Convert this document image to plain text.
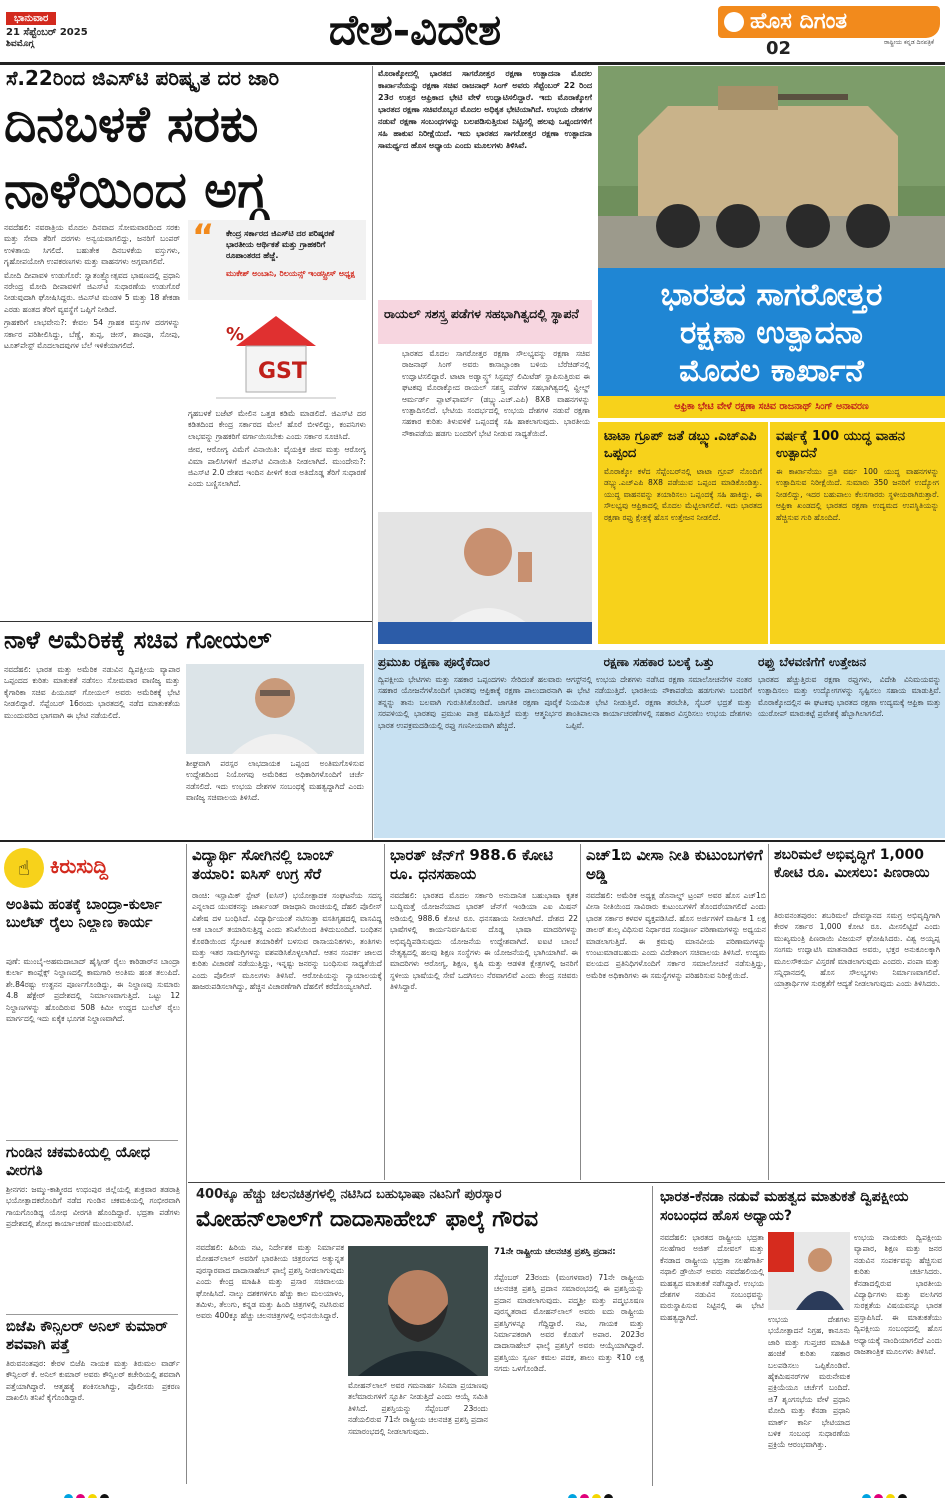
ಭಾನುವಾರ
21 ಸೆಪ್ಟೆಂಬರ್ 2025
ಶಿವಮೊಗ್ಗ	ದೇಶ-ವಿದೇಶ	ಹೊಸ ದಿಗಂತ
ರಾಷ್ಟ್ರೀಯ ಕನ್ನಡ ದಿನಪತ್ರಿಕೆ
02
ಸೆ.22ರಿಂದ ಜಿಎಸ್‌ಟಿ ಪರಿಷ್ಕೃತ ದರ ಜಾರಿ
ದಿನಬಳಕೆ ಸರಕು
ನಾಳೆಯಿಂದ ಅಗ್ಗ

ನವದೆಹಲಿ: ನವರಾತ್ರಿಯ ಮೊದಲ ದಿನವಾದ ಸೋಮವಾರದಿಂದ ಸರಕು ಮತ್ತು ಸೇವಾ ತೆರಿಗೆ ದರಗಳು ಅನ್ವಯವಾಗಲಿದ್ದು, ಜನರಿಗೆ ಬಂಪರ್ ಉಳಿತಾಯ ಸಿಗಲಿದೆ. ಬಹುತೇಕ ದಿನಬಳಕೆಯ ವಸ್ತುಗಳು, ಗೃಹೋಪಯೋಗಿ ಉಪಕರಣಗಳು ಮತ್ತು ವಾಹನಗಳು ಅಗ್ಗವಾಗಲಿವೆ.

ಮೋದಿ ದೀಪಾವಳಿ ಉಡುಗೊರೆ: ಸ್ವಾತಂತ್ರ್ಯೋತ್ಸವದ ಭಾಷಣದಲ್ಲಿ ಪ್ರಧಾನಿ ನರೇಂದ್ರ ಮೋದಿ ದೀಪಾವಳಿಗೆ ಜಿಎಸ್‌ಟಿ ಸುಧಾರಣೆಯ ಉಡುಗೊರೆ ನೀಡುವುದಾಗಿ ಘೋಷಿಸಿದ್ದರು. ಜಿಎಸ್‌ಟಿ ಮಂಡಳಿ 5 ಮತ್ತು 18 ಶೇಕಡಾ ಎರಡು ಹಂತದ ತೆರಿಗೆ ವ್ಯವಸ್ಥೆಗೆ ಒಪ್ಪಿಗೆ ನೀಡಿದೆ.

ಗ್ರಾಹಕರಿಗೆ ಲಾಭವೇನು?: ಕೇವಲ 54 ಗ್ರಾಹಕ ವಸ್ತುಗಳ ದರಗಳನ್ನು ಸರ್ಕಾರ ಪರಿಶೀಲಿಸಿದ್ದು, ಬೆಣ್ಣೆ, ತುಪ್ಪ, ಚೀಸ್, ಶಾಂಪೂ, ಸೋಪು, ಟೂತ್‌ಪೇಸ್ಟ್ ಮೊದಲಾದವುಗಳ ಬೆಲೆ ಇಳಿಕೆಯಾಗಲಿದೆ.

“ ಕೇಂದ್ರ ಸರ್ಕಾರದ ಜಿಎಸ್‌ಟಿ ದರ ಪರಿಷ್ಕರಣೆ ಭಾರತೀಯ ಆರ್ಥಿಕತೆ ಮತ್ತು ಗ್ರಾಹಕರಿಗೆ ರೂಪಾಂತರದ ಹೆಜ್ಜೆ.
ಮುಕೇಶ್ ಅಂಬಾನಿ, ರಿಲಯನ್ಸ್ ಇಂಡಸ್ಟ್ರೀಸ್ ಅಧ್ಯಕ್ಷ
GST
%

ಗೃಹಬಳಕೆ ಬಜೆಟ್ ಮೇಲಿನ ಒತ್ತಡ ಕಡಿಮೆ ಮಾಡಲಿದೆ. ಜಿಎಸ್‌ಟಿ ದರ ಕಡಿತದಿಂದ ಕೇಂದ್ರ ಸರ್ಕಾರದ ಮೇಲೆ ಹೊರೆ ಬೀಳಲಿದ್ದು, ಕಂಪನಿಗಳು ಲಾಭವನ್ನು ಗ್ರಾಹಕರಿಗೆ ವರ್ಗಾಯಿಸಬೇಕು ಎಂದು ಸರ್ಕಾರ ಸೂಚಿಸಿದೆ.

ಜೀವ, ಆರೋಗ್ಯ ವಿಮೆಗೆ ವಿನಾಯಿತಿ: ವೈಯಕ್ತಿಕ ಜೀವ ಮತ್ತು ಆರೋಗ್ಯ ವಿಮಾ ಪಾಲಿಸಿಗಳಿಗೆ ಜಿಎಸ್‌ಟಿ ವಿನಾಯಿತಿ ನೀಡಲಾಗಿದೆ. ಮುಂದೇನು?: ಜಿಎಸ್‌ಟಿ 2.0 ದೇಶದ ಇಂದಿನ ಪೀಳಿಗೆ ಕಂಡ ಅತಿದೊಡ್ಡ ತೆರಿಗೆ ಸುಧಾರಣೆ ಎಂದು ಬಣ್ಣಿಸಲಾಗಿದೆ.

ನಾಳೆ ಅಮೆರಿಕಕ್ಕೆ ಸಚಿವ ಗೋಯಲ್

ನವದೆಹಲಿ: ಭಾರತ ಮತ್ತು ಅಮೆರಿಕ ನಡುವಿನ ದ್ವಿಪಕ್ಷೀಯ ವ್ಯಾಪಾರ ಒಪ್ಪಂದದ ಕುರಿತು ಮಾತುಕತೆ ನಡೆಸಲು ಸೋಮವಾರ ವಾಣಿಜ್ಯ ಮತ್ತು ಕೈಗಾರಿಕಾ ಸಚಿವ ಪಿಯೂಷ್ ಗೋಯಲ್ ಅವರು ಅಮೆರಿಕಕ್ಕೆ ಭೇಟಿ ನೀಡಲಿದ್ದಾರೆ. ಸೆಪ್ಟೆಂಬರ್ 16ರಂದು ಭಾರತದಲ್ಲಿ ನಡೆದ ಮಾತುಕತೆಯ ಮುಂದುವರಿದ ಭಾಗವಾಗಿ ಈ ಭೇಟಿ ನಡೆಯಲಿದೆ.

ಶೀಘ್ರವಾಗಿ ಪರಸ್ಪರ ಲಾಭದಾಯಕ ಒಪ್ಪಂದ ಅಂತಿಮಗೊಳಿಸುವ ಉದ್ದೇಶದಿಂದ ನಿಯೋಗವು ಅಮೆರಿಕದ ಅಧಿಕಾರಿಗಳೊಂದಿಗೆ ಚರ್ಚೆ ನಡೆಸಲಿದೆ. ಇದು ಉಭಯ ದೇಶಗಳ ಸಂಬಂಧಕ್ಕೆ ಮಹತ್ವದ್ದಾಗಿದೆ ಎಂದು ವಾಣಿಜ್ಯ ಸಚಿವಾಲಯ ತಿಳಿಸಿದೆ.

ಮೊರಾಕ್ಕೋದಲ್ಲಿ ಭಾರತದ ಸಾಗರೋತ್ತರ ರಕ್ಷಣಾ ಉತ್ಪಾದನಾ ಮೊದಲ ಕಾರ್ಖಾನೆಯನ್ನು ರಕ್ಷಣಾ ಸಚಿವ ರಾಜನಾಥ್ ಸಿಂಗ್ ಅವರು ಸೆಪ್ಟೆಂಬರ್ 22 ರಿಂದ 23ರ ಉತ್ತರ ಆಫ್ರಿಕಾದ ಭೇಟಿ ವೇಳೆ ಉದ್ಘಾಟಿಸಲಿದ್ದಾರೆ. ಇದು ಮೊರಾಕ್ಕೋಗೆ ಭಾರತದ ರಕ್ಷಣಾ ಸಚಿವರೊಬ್ಬರ ಮೊದಲ ಅಧಿಕೃತ ಭೇಟಿಯಾಗಿದೆ. ಉಭಯ ದೇಶಗಳ ನಡುವೆ ರಕ್ಷಣಾ ಸಂಬಂಧಗಳನ್ನು ಬಲಪಡಿಸುತ್ತಿರುವ ನಿಟ್ಟಿನಲ್ಲಿ ಹಲವು ಒಪ್ಪಂದಗಳಿಗೆ ಸಹಿ ಹಾಕುವ ನಿರೀಕ್ಷೆಯಿದೆ. ಇದು ಭಾರತದ ಸಾಗರೋತ್ತರ ರಕ್ಷಣಾ ಉತ್ಪಾದನಾ ಸಾಮರ್ಥ್ಯದ ಹೊಸ ಅಧ್ಯಾಯ ಎಂದು ಮೂಲಗಳು ತಿಳಿಸಿವೆ.

ಭಾರತದ ಸಾಗರೋತ್ತರ
ರಕ್ಷಣಾ ಉತ್ಪಾದನಾ
ಮೊದಲ ಕಾರ್ಖಾನೆ
ಆಫ್ರಿಕಾ ಭೇಟಿ ವೇಳೆ ರಕ್ಷಣಾ ಸಚಿವ ರಾಜನಾಥ್ ಸಿಂಗ್ ಅನಾವರಣ
ರಾಯಲ್ ಸಶಸ್ತ್ರ ಪಡೆಗಳ ಸಹಭಾಗಿತ್ವದಲ್ಲಿ ಸ್ಥಾಪನೆ

ಭಾರತದ ಮೊದಲ ಸಾಗರೋತ್ತರ ರಕ್ಷಣಾ ಸೌಲಭ್ಯವನ್ನು ರಕ್ಷಣಾ ಸಚಿವ ರಾಜನಾಥ್ ಸಿಂಗ್ ಅವರು ಕಾಸಾಬ್ಲಾಂಕಾ ಬಳಿಯ ಬೆರೆಚಿಡ್‌ನಲ್ಲಿ ಉದ್ಘಾಟಿಸಲಿದ್ದಾರೆ. ಟಾಟಾ ಅಡ್ವಾನ್ಸ್ಡ್ ಸಿಸ್ಟಮ್ಸ್ ಲಿಮಿಟೆಡ್ ಸ್ಥಾಪಿಸುತ್ತಿರುವ ಈ ಘಟಕವು ಮೊರಾಕ್ಕೋದ ರಾಯಲ್ ಸಶಸ್ತ್ರ ಪಡೆಗಳ ಸಹಭಾಗಿತ್ವದಲ್ಲಿ ವ್ಹೀಲ್ಡ್ ಆರ್ಮರ್ಡ್ ಪ್ಲಾಟ್‌ಫಾರ್ಮ್ (ಡಬ್ಲ್ಯು.ಎಚ್.ಎಪಿ) 8X8 ವಾಹನಗಳನ್ನು ಉತ್ಪಾದಿಸಲಿದೆ. ಭೇಟಿಯ ಸಂದರ್ಭದಲ್ಲಿ ಉಭಯ ದೇಶಗಳ ನಡುವೆ ರಕ್ಷಣಾ ಸಹಕಾರ ಕುರಿತು ತಿಳುವಳಿಕೆ ಒಪ್ಪಂದಕ್ಕೆ ಸಹಿ ಹಾಕಲಾಗುವುದು. ಭಾರತೀಯ ನೌಕಾಪಡೆಯ ಹಡಗು ಬಂದರಿಗೆ ಭೇಟಿ ನೀಡುವ ಸಾಧ್ಯತೆಯಿದೆ.	ಟಾಟಾ ಗ್ರೂಪ್ ಜತೆ ಡಬ್ಲ್ಯು.ಎಚ್‌ಎಪಿ ಒಪ್ಪಂದ
ಮೊರಾಕ್ಕೋ ಕಳೆದ ಸೆಪ್ಟೆಂಬರ್‌ನಲ್ಲಿ ಟಾಟಾ ಗ್ರೂಪ್ ನೊಂದಿಗೆ ಡಬ್ಲ್ಯು.ಎಚ್‌ಎಪಿ 8X8 ಪಡೆಯುವ ಒಪ್ಪಂದ ಮಾಡಿಕೊಂಡಿತ್ತು. ಯುದ್ಧ ವಾಹನವನ್ನು ತಯಾರಿಸಲು ಒಪ್ಪಂದಕ್ಕೆ ಸಹಿ ಹಾಕಿದ್ದು, ಈ ಸೌಲಭ್ಯವು ಆಫ್ರಿಕಾದಲ್ಲಿ ಮೊದಲ ಮೆಟ್ಟಿಲಾಗಲಿದೆ. ಇದು ಭಾರತದ ರಕ್ಷಣಾ ರಫ್ತು ಕ್ಷೇತ್ರಕ್ಕೆ ಹೊಸ ಉತ್ತೇಜನ ನೀಡಲಿದೆ.
ವರ್ಷಕ್ಕೆ 100 ಯುದ್ಧ ವಾಹನ ಉತ್ಪಾದನೆ
ಈ ಕಾರ್ಖಾನೆಯು ಪ್ರತಿ ವರ್ಷ 100 ಯುದ್ಧ ವಾಹನಗಳನ್ನು ಉತ್ಪಾದಿಸುವ ನಿರೀಕ್ಷೆಯಿದೆ. ಸುಮಾರು 350 ಜನರಿಗೆ ಉದ್ಯೋಗ ನೀಡಲಿದ್ದು, ಇದರ ಬಹುಪಾಲು ಕೆಲಸಗಾರರು ಸ್ಥಳೀಯರಾಗಿರುತ್ತಾರೆ. ಆಫ್ರಿಕಾ ಖಂಡದಲ್ಲಿ ಭಾರತದ ರಕ್ಷಣಾ ಉದ್ಯಮದ ಉಪಸ್ಥಿತಿಯನ್ನು ಹೆಚ್ಚಿಸುವ ಗುರಿ ಹೊಂದಿದೆ.
ಪ್ರಮುಖ ರಕ್ಷಣಾ ಪೂರೈಕೆದಾರ
ದ್ವಿಪಕ್ಷೀಯ ಭೇಟಿಗಳು ಮತ್ತು ಸಹಕಾರ ಒಪ್ಪಂದಗಳು ಸೇರಿದಂತೆ ಹಲವಾರು ಸಹಕಾರ ಯೋಜನೆಗಳೊಂದಿಗೆ ಭಾರತವು ಆಫ್ರಿಕಾಕ್ಕೆ ರಕ್ಷಣಾ ಪಾಲುದಾರನಾಗಿ ತನ್ನನ್ನು ತಾನು ಬಲವಾಗಿ ಗುರುತಿಸಿಕೊಂಡಿದೆ. ಜಾಗತಿಕ ರಕ್ಷಣಾ ಪೂರೈಕೆ ಸರಪಳಿಯಲ್ಲಿ ಭಾರತವು ಪ್ರಮುಖ ಪಾತ್ರ ವಹಿಸುತ್ತಿದೆ ಮತ್ತು ಆತ್ಮನಿರ್ಭರ ಭಾರತ ಉಪಕ್ರಮದಡಿಯಲ್ಲಿ ರಫ್ತು ಗಣನೀಯವಾಗಿ ಹೆಚ್ಚಿದೆ.
ರಕ್ಷಣಾ ಸಹಕಾರ ಬಲಕ್ಕೆ ಒತ್ತು
ಆಗಸ್ಟ್‌ನಲ್ಲಿ ಉಭಯ ದೇಶಗಳು ನಡೆಸಿದ ರಕ್ಷಣಾ ಸಮಾಲೋಚನೆಗಳ ನಂತರ ಈ ಭೇಟಿ ನಡೆಯುತ್ತಿದೆ. ಭಾರತೀಯ ನೌಕಾಪಡೆಯ ಹಡಗುಗಳು ಬಂದರಿಗೆ ನಿಯಮಿತ ಭೇಟಿ ನೀಡುತ್ತಿವೆ. ರಕ್ಷಣಾ ತರಬೇತಿ, ಸೈಬರ್ ಭದ್ರತೆ ಮತ್ತು ಶಾಂತಿಪಾಲನಾ ಕಾರ್ಯಾಚರಣೆಗಳಲ್ಲಿ ಸಹಕಾರ ವಿಸ್ತರಿಸಲು ಉಭಯ ದೇಶಗಳು ಒಪ್ಪಿವೆ.
ರಫ್ತು ಬೆಳವಣಿಗೆಗೆ ಉತ್ತೇಜನ
ಭಾರತದ ಹೆಚ್ಚುತ್ತಿರುವ ರಕ್ಷಣಾ ರಫ್ತುಗಳು, ವಿದೇಶಿ ವಿನಿಮಯವನ್ನು ಉತ್ಪಾದಿಸಲು ಮತ್ತು ಉದ್ಯೋಗಗಳನ್ನು ಸೃಷ್ಟಿಸಲು ಸಹಾಯ ಮಾಡುತ್ತಿವೆ. ಮೊರಾಕ್ಕೋದಲ್ಲಿನ ಈ ಘಟಕವು ಭಾರತದ ರಕ್ಷಣಾ ಉದ್ಯಮಕ್ಕೆ ಆಫ್ರಿಕಾ ಮತ್ತು ಯುರೋಪ್ ಮಾರುಕಟ್ಟೆ ಪ್ರವೇಶಕ್ಕೆ ಹೆಬ್ಬಾಗಿಲಾಗಲಿದೆ.
☝ ಕಿರುಸುದ್ದಿ
ಅಂತಿಮ ಹಂತಕ್ಕೆ ಬಾಂದ್ರಾ-ಕುರ್ಲಾ ಬುಲೆಟ್ ರೈಲು ನಿಲ್ದಾಣ ಕಾರ್ಯ
ಪುಣೆ: ಮುಂಬೈ-ಅಹಮದಾಬಾದ್ ಹೈಸ್ಪೀಡ್ ರೈಲು ಕಾರಿಡಾರ್‌ನ ಬಾಂದ್ರಾ ಕುರ್ಲಾ ಕಾಂಪ್ಲೆಕ್ಸ್ ನಿಲ್ದಾಣದಲ್ಲಿ ಕಾಮಗಾರಿ ಅಂತಿಮ ಹಂತ ತಲುಪಿದೆ. ಶೇ.84ರಷ್ಟು ಉತ್ಖನನ ಪೂರ್ಣಗೊಂಡಿದ್ದು, ಈ ನಿಲ್ದಾಣವು ಸುಮಾರು 4.8 ಹೆಕ್ಟೇರ್ ಪ್ರದೇಶದಲ್ಲಿ ನಿರ್ಮಾಣವಾಗುತ್ತಿದೆ. ಒಟ್ಟು 12 ನಿಲ್ದಾಣಗಳನ್ನು ಹೊಂದಿರುವ 508 ಕಿಮೀ ಉದ್ದದ ಬುಲೆಟ್ ರೈಲು ಮಾರ್ಗದಲ್ಲಿ ಇದು ಏಕೈಕ ಭೂಗತ ನಿಲ್ದಾಣವಾಗಿದೆ.
ಗುಂಡಿನ ಚಕಮಕಿಯಲ್ಲಿ ಯೋಧ ವೀರಗತಿ
ಶ್ರೀನಗರ: ಜಮ್ಮು-ಕಾಶ್ಮೀರದ ಉಧಂಪುರ ಜಿಲ್ಲೆಯಲ್ಲಿ ಶುಕ್ರವಾರ ತಡರಾತ್ರಿ ಭಯೋತ್ಪಾದಕರೊಂದಿಗೆ ನಡೆದ ಗುಂಡಿನ ಚಕಮಕಿಯಲ್ಲಿ ಗಂಭೀರವಾಗಿ ಗಾಯಗೊಂಡಿದ್ದ ಯೋಧ ವೀರಗತಿ ಹೊಂದಿದ್ದಾರೆ. ಭದ್ರತಾ ಪಡೆಗಳು ಪ್ರದೇಶದಲ್ಲಿ ಶೋಧ ಕಾರ್ಯಾಚರಣೆ ಮುಂದುವರಿಸಿವೆ.
ಬಿಜೆಪಿ ಕೌನ್ಸಿಲರ್ ಅನಿಲ್ ಕುಮಾರ್ ಶವವಾಗಿ ಪತ್ತೆ
ತಿರುವನಂತಪುರ: ಕೇರಳ ಬಿಜೆಪಿ ನಾಯಕ ಮತ್ತು ತಿರುಮಲ ವಾರ್ಡ್ ಕೌನ್ಸಿಲರ್ ಕೆ. ಅನಿಲ್ ಕುಮಾರ್ ಅವರು ಕೌನ್ಸಿಲರ್ ಕಚೇರಿಯಲ್ಲಿ ಶವವಾಗಿ ಪತ್ತೆಯಾಗಿದ್ದಾರೆ. ಆತ್ಮಹತ್ಯೆ ಶಂಕಿಸಲಾಗಿದ್ದು, ಪೊಲೀಸರು ಪ್ರಕರಣ ದಾಖಲಿಸಿ ತನಿಖೆ ಕೈಗೊಂಡಿದ್ದಾರೆ.
ವಿದ್ಯಾರ್ಥಿ ಸೋಗಿನಲ್ಲಿ ಬಾಂಬ್ ತಯಾರಿ: ಐಸಿಸ್ ಉಗ್ರ ಸೆರೆ
ರಾಂಚಿ: ಇಸ್ಲಾಮಿಕ್ ಸ್ಟೇಟ್ (ಐಸಿಸ್) ಭಯೋತ್ಪಾದಕ ಸಂಘಟನೆಯ ಸದಸ್ಯ ಎನ್ನಲಾದ ಯುವಕನನ್ನು ಜಾರ್ಖಂಡ್ ರಾಜಧಾನಿ ರಾಂಚಿಯಲ್ಲಿ ದೆಹಲಿ ಪೊಲೀಸ್ ವಿಶೇಷ ದಳ ಬಂಧಿಸಿದೆ. ವಿದ್ಯಾರ್ಥಿಯಂತೆ ನಟಿಸುತ್ತಾ ವಸತಿಗೃಹದಲ್ಲಿ ವಾಸವಿದ್ದ ಆತ ಬಾಂಬ್ ತಯಾರಿಸುತ್ತಿದ್ದ ಎಂದು ತನಿಖೆಯಿಂದ ತಿಳಿದುಬಂದಿದೆ. ಬಂಧಿತನ ಕೊಠಡಿಯಿಂದ ಸ್ಫೋಟಕ ತಯಾರಿಕೆಗೆ ಬಳಸುವ ರಾಸಾಯನಿಕಗಳು, ತಂತಿಗಳು ಮತ್ತು ಇತರ ಸಾಮಗ್ರಿಗಳನ್ನು ವಶಪಡಿಸಿಕೊಳ್ಳಲಾಗಿದೆ. ಆತನ ಸಂಪರ್ಕ ಜಾಲದ ಕುರಿತು ವಿಚಾರಣೆ ನಡೆಯುತ್ತಿದ್ದು, ಇನ್ನಷ್ಟು ಜನರನ್ನು ಬಂಧಿಸುವ ಸಾಧ್ಯತೆಯಿದೆ ಎಂದು ಪೊಲೀಸ್ ಮೂಲಗಳು ತಿಳಿಸಿವೆ. ಆರೋಪಿಯನ್ನು ನ್ಯಾಯಾಲಯಕ್ಕೆ ಹಾಜರುಪಡಿಸಲಾಗಿದ್ದು, ಹೆಚ್ಚಿನ ವಿಚಾರಣೆಗಾಗಿ ದೆಹಲಿಗೆ ಕರೆದೊಯ್ಯಲಾಗಿದೆ.
ಭಾರತ್ ಜೆನ್‌ಗೆ 988.6 ಕೋಟಿ ರೂ. ಧನಸಹಾಯ
ನವದೆಹಲಿ: ಭಾರತದ ಮೊದಲ ಸರ್ಕಾರಿ ಅನುದಾನಿತ ಬಹುಭಾಷಾ ಕೃತಕ ಬುದ್ಧಿಮತ್ತೆ ಯೋಜನೆಯಾದ ಭಾರತ್ ಜೆನ್‌ಗೆ ಇಂಡಿಯಾ ಎಐ ಮಿಷನ್ ಅಡಿಯಲ್ಲಿ 988.6 ಕೋಟಿ ರೂ. ಧನಸಹಾಯ ನೀಡಲಾಗಿದೆ. ದೇಶದ 22 ಭಾಷೆಗಳಲ್ಲಿ ಕಾರ್ಯನಿರ್ವಹಿಸುವ ದೊಡ್ಡ ಭಾಷಾ ಮಾದರಿಗಳನ್ನು ಅಭಿವೃದ್ಧಿಪಡಿಸುವುದು ಯೋಜನೆಯ ಉದ್ದೇಶವಾಗಿದೆ. ಐಐಟಿ ಬಾಂಬೆ ನೇತೃತ್ವದಲ್ಲಿ ಹಲವು ಶಿಕ್ಷಣ ಸಂಸ್ಥೆಗಳು ಈ ಯೋಜನೆಯಲ್ಲಿ ಭಾಗಿಯಾಗಿವೆ. ಈ ಮಾದರಿಗಳು ಆರೋಗ್ಯ, ಶಿಕ್ಷಣ, ಕೃಷಿ ಮತ್ತು ಆಡಳಿತ ಕ್ಷೇತ್ರಗಳಲ್ಲಿ ಜನರಿಗೆ ಸ್ಥಳೀಯ ಭಾಷೆಯಲ್ಲಿ ಸೇವೆ ಒದಗಿಸಲು ನೆರವಾಗಲಿವೆ ಎಂದು ಕೇಂದ್ರ ಸಚಿವರು ತಿಳಿಸಿದ್ದಾರೆ.
ಎಚ್1ಬಿ ವೀಸಾ ನೀತಿ ಕುಟುಂಬಗಳಿಗೆ ಅಡ್ಡಿ
ನವದೆಹಲಿ: ಅಮೆರಿಕ ಅಧ್ಯಕ್ಷ ಡೊನಾಲ್ಡ್ ಟ್ರಂಪ್ ಅವರ ಹೊಸ ಎಚ್1ಬಿ ವೀಸಾ ನೀತಿಯಿಂದ ಸಾವಿರಾರು ಕುಟುಂಬಗಳಿಗೆ ತೊಂದರೆಯಾಗಲಿದೆ ಎಂದು ಭಾರತ ಸರ್ಕಾರ ಕಳವಳ ವ್ಯಕ್ತಪಡಿಸಿದೆ. ಹೊಸ ಅರ್ಜಿಗಳಿಗೆ ವಾರ್ಷಿಕ 1 ಲಕ್ಷ ಡಾಲರ್ ಶುಲ್ಕ ವಿಧಿಸುವ ನಿರ್ಧಾರದ ಸಂಪೂರ್ಣ ಪರಿಣಾಮಗಳನ್ನು ಅಧ್ಯಯನ ಮಾಡಲಾಗುತ್ತಿದೆ. ಈ ಕ್ರಮವು ಮಾನವೀಯ ಪರಿಣಾಮಗಳನ್ನು ಉಂಟುಮಾಡಬಹುದು ಎಂದು ವಿದೇಶಾಂಗ ಸಚಿವಾಲಯ ತಿಳಿಸಿದೆ. ಉದ್ಯಮ ವಲಯದ ಪ್ರತಿನಿಧಿಗಳೊಂದಿಗೆ ಸರ್ಕಾರ ಸಮಾಲೋಚನೆ ನಡೆಸುತ್ತಿದ್ದು, ಅಮೆರಿಕ ಅಧಿಕಾರಿಗಳು ಈ ಸಮಸ್ಯೆಗಳನ್ನು ಪರಿಹರಿಸುವ ನಿರೀಕ್ಷೆಯಿದೆ.
ಶಬರಿಮಲೆ ಅಭಿವೃದ್ಧಿಗೆ 1,000 ಕೋಟಿ ರೂ. ಮೀಸಲು: ಪಿಣರಾಯಿ
ತಿರುವನಂತಪುರಂ: ಶಬರಿಮಲೆ ದೇವಸ್ಥಾನದ ಸಮಗ್ರ ಅಭಿವೃದ್ಧಿಗಾಗಿ ಕೇರಳ ಸರ್ಕಾರ 1,000 ಕೋಟಿ ರೂ. ಮೀಸಲಿಟ್ಟಿದೆ ಎಂದು ಮುಖ್ಯಮಂತ್ರಿ ಪಿಣರಾಯಿ ವಿಜಯನ್ ಘೋಷಿಸಿದರು. ವಿಶ್ವ ಅಯ್ಯಪ್ಪ ಸಂಗಮ ಉದ್ಘಾಟಿಸಿ ಮಾತನಾಡಿದ ಅವರು, ಭಕ್ತರ ಅನುಕೂಲಕ್ಕಾಗಿ ಮೂಲಸೌಕರ್ಯ ವಿಸ್ತರಣೆ ಮಾಡಲಾಗುವುದು ಎಂದರು. ಪಂಪಾ ಮತ್ತು ಸನ್ನಿಧಾನದಲ್ಲಿ ಹೊಸ ಸೌಲಭ್ಯಗಳು ನಿರ್ಮಾಣವಾಗಲಿವೆ. ಯಾತ್ರಾರ್ಥಿಗಳ ಸುರಕ್ಷತೆಗೆ ಆದ್ಯತೆ ನೀಡಲಾಗುವುದು ಎಂದು ತಿಳಿಸಿದರು.
400ಕ್ಕೂ ಹೆಚ್ಚು ಚಲನಚಿತ್ರಗಳಲ್ಲಿ ನಟಿಸಿದ ಬಹುಭಾಷಾ ನಟನಿಗೆ ಪುರಸ್ಕಾರ
ಮೋಹನ್‌ಲಾಲ್‌ಗೆ ದಾದಾಸಾಹೇಬ್ ಫಾಲ್ಕೆ ಗೌರವ
ನವದೆಹಲಿ: ಹಿರಿಯ ನಟ, ನಿರ್ದೇಶಕ ಮತ್ತು ನಿರ್ಮಾಪಕ ಮೋಹನ್‌ಲಾಲ್ ಅವರಿಗೆ ಭಾರತೀಯ ಚಿತ್ರರಂಗದ ಅತ್ಯುನ್ನತ ಪುರಸ್ಕಾರವಾದ ದಾದಾಸಾಹೇಬ್ ಫಾಲ್ಕೆ ಪ್ರಶಸ್ತಿ ನೀಡಲಾಗುವುದು ಎಂದು ಕೇಂದ್ರ ಮಾಹಿತಿ ಮತ್ತು ಪ್ರಸಾರ ಸಚಿವಾಲಯ ಘೋಷಿಸಿದೆ. ನಾಲ್ಕು ದಶಕಗಳಿಗೂ ಹೆಚ್ಚು ಕಾಲ ಮಲಯಾಳಂ, ತಮಿಳು, ತೆಲುಗು, ಕನ್ನಡ ಮತ್ತು ಹಿಂದಿ ಚಿತ್ರಗಳಲ್ಲಿ ನಟಿಸಿರುವ ಅವರು 400ಕ್ಕೂ ಹೆಚ್ಚು ಚಲನಚಿತ್ರಗಳಲ್ಲಿ ಅಭಿನಯಿಸಿದ್ದಾರೆ.
ಮೋಹನ್‌ಲಾಲ್ ಅವರ ಗಮನಾರ್ಹ ಸಿನಿಮಾ ಪ್ರಯಾಣವು ತಲೆಮಾರುಗಳಿಗೆ ಸ್ಫೂರ್ತಿ ನೀಡುತ್ತಿದೆ ಎಂದು ಆಯ್ಕೆ ಸಮಿತಿ ತಿಳಿಸಿದೆ. ಪ್ರಶಸ್ತಿಯನ್ನು ಸೆಪ್ಟೆಂಬರ್ 23ರಂದು ನಡೆಯಲಿರುವ 71ನೇ ರಾಷ್ಟ್ರೀಯ ಚಲನಚಿತ್ರ ಪ್ರಶಸ್ತಿ ಪ್ರದಾನ ಸಮಾರಂಭದಲ್ಲಿ ನೀಡಲಾಗುವುದು.
71ನೇ ರಾಷ್ಟ್ರೀಯ ಚಲನಚಿತ್ರ ಪ್ರಶಸ್ತಿ ಪ್ರದಾನ:
ಸೆಪ್ಟೆಂಬರ್ 23ರಂದು (ಮಂಗಳವಾರ) 71ನೇ ರಾಷ್ಟ್ರೀಯ ಚಲನಚಿತ್ರ ಪ್ರಶಸ್ತಿ ಪ್ರದಾನ ಸಮಾರಂಭದಲ್ಲಿ ಈ ಪ್ರಶಸ್ತಿಯನ್ನು ಪ್ರದಾನ ಮಾಡಲಾಗುವುದು. ಪದ್ಮಶ್ರೀ ಮತ್ತು ಪದ್ಮಭೂಷಣ ಪುರಸ್ಕೃತರಾದ ಮೋಹನ್‌ಲಾಲ್ ಅವರು ಐದು ರಾಷ್ಟ್ರೀಯ ಪ್ರಶಸ್ತಿಗಳನ್ನೂ ಗೆದ್ದಿದ್ದಾರೆ. ನಟ, ಗಾಯಕ ಮತ್ತು ನಿರ್ಮಾಪಕರಾಗಿ ಅವರ ಕೊಡುಗೆ ಅಪಾರ. 2023ರ ದಾದಾಸಾಹೇಬ್ ಫಾಲ್ಕೆ ಪ್ರಶಸ್ತಿಗೆ ಅವರು ಆಯ್ಕೆಯಾಗಿದ್ದಾರೆ. ಪ್ರಶಸ್ತಿಯು ಸ್ವರ್ಣ ಕಮಲ ಪದಕ, ಶಾಲು ಮತ್ತು ₹10 ಲಕ್ಷ ನಗದು ಒಳಗೊಂಡಿದೆ.
ಭಾರತ-ಕೆನಡಾ ನಡುವೆ ಮಹತ್ವದ ಮಾತುಕತೆ ದ್ವಿಪಕ್ಷೀಯ ಸಂಬಂಧದ ಹೊಸ ಅಧ್ಯಾಯ?
ನವದೆಹಲಿ: ಭಾರತದ ರಾಷ್ಟ್ರೀಯ ಭದ್ರತಾ ಸಲಹೆಗಾರ ಅಜಿತ್ ದೋವಲ್ ಮತ್ತು ಕೆನಡಾದ ರಾಷ್ಟ್ರೀಯ ಭದ್ರತಾ ಸಲಹೆಗಾರ್ತಿ ನಥಾಲಿ ಡ್ರೌಯಿನ್ ಅವರು ನವದೆಹಲಿಯಲ್ಲಿ ಮಹತ್ವದ ಮಾತುಕತೆ ನಡೆಸಿದ್ದಾರೆ. ಉಭಯ ದೇಶಗಳ ನಡುವಿನ ಸಂಬಂಧವನ್ನು ಮರುಸ್ಥಾಪಿಸುವ ನಿಟ್ಟಿನಲ್ಲಿ ಈ ಭೇಟಿ ಮಹತ್ವದ್ದಾಗಿದೆ.	ಉಭಯ ದೇಶಗಳು ಭಯೋತ್ಪಾದನೆ ನಿಗ್ರಹ, ಕಾನೂನು ಜಾರಿ ಮತ್ತು ಗುಪ್ತಚರ ಮಾಹಿತಿ ಹಂಚಿಕೆ ಕುರಿತು ಸಹಕಾರ ಬಲಪಡಿಸಲು ಒಪ್ಪಿಕೊಂಡಿವೆ. ಹೈಕಮಿಷನರ್‌ಗಳ ಮರುನೇಮಕ ಪ್ರಕ್ರಿಯೆಯೂ ಚರ್ಚೆಗೆ ಬಂದಿದೆ. ಜಿ7 ಶೃಂಗಸಭೆಯ ವೇಳೆ ಪ್ರಧಾನಿ ಮೋದಿ ಮತ್ತು ಕೆನಡಾ ಪ್ರಧಾನಿ ಮಾರ್ಕ್ ಕಾರ್ನಿ ಭೇಟಿಯಾದ ಬಳಿಕ ಸಂಬಂಧ ಸುಧಾರಣೆಯ ಪ್ರಕ್ರಿಯೆ ಆರಂಭವಾಗಿತ್ತು.
ಉಭಯ ನಾಯಕರು ದ್ವಿಪಕ್ಷೀಯ ವ್ಯಾಪಾರ, ಶಿಕ್ಷಣ ಮತ್ತು ಜನರ ನಡುವಿನ ಸಂಪರ್ಕವನ್ನು ಹೆಚ್ಚಿಸುವ ಕುರಿತು ಚರ್ಚಿಸಿದರು. ಕೆನಡಾದಲ್ಲಿರುವ ಭಾರತೀಯ ವಿದ್ಯಾರ್ಥಿಗಳು ಮತ್ತು ವಲಸಿಗರ ಸುರಕ್ಷತೆಯ ವಿಷಯವನ್ನೂ ಭಾರತ ಪ್ರಸ್ತಾಪಿಸಿದೆ. ಈ ಮಾತುಕತೆಯು ದ್ವಿಪಕ್ಷೀಯ ಸಂಬಂಧದಲ್ಲಿ ಹೊಸ ಅಧ್ಯಾಯಕ್ಕೆ ನಾಂದಿಯಾಗಲಿದೆ ಎಂದು ರಾಜತಾಂತ್ರಿಕ ಮೂಲಗಳು ತಿಳಿಸಿವೆ.
